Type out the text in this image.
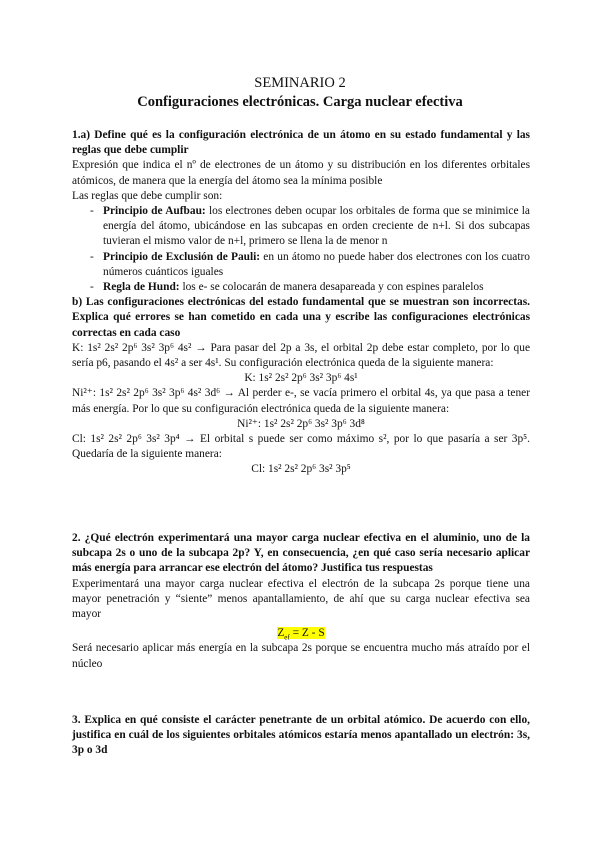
SEMINARIO 2
Configuraciones electrónicas. Carga nuclear efectiva
1.a) Define qué es la configuración electrónica de un átomo en su estado fundamental y las reglas que debe cumplir
Expresión que indica el nº de electrones de un átomo y su distribución en los diferentes orbitales atómicos, de manera que la energía del átomo sea la mínima posible
Las reglas que debe cumplir son:
- Principio de Aufbau: los electrones deben ocupar los orbitales de forma que se minimice la energía del átomo, ubicándose en las subcapas en orden creciente de n+l. Si dos subcapas tuvieran el mismo valor de n+l, primero se llena la de menor n
- Principio de Exclusión de Pauli: en un átomo no puede haber dos electrones con los cuatro números cuánticos iguales
- Regla de Hund: los e- se colocarán de manera desapareada y con espines paralelos
b) Las configuraciones electrónicas del estado fundamental que se muestran son incorrectas. Explica qué errores se han cometido en cada una y escribe las configuraciones electrónicas correctas en cada caso
K: 1s² 2s² 2p⁶ 3s² 3p⁶ 4s² → Para pasar del 2p a 3s, el orbital 2p debe estar completo, por lo que sería p6, pasando el 4s² a ser 4s¹. Su configuración electrónica queda de la siguiente manera:
K: 1s² 2s² 2p⁶ 3s² 3p⁶ 4s¹
Ni²⁺: 1s² 2s² 2p⁶ 3s² 3p⁶ 4s² 3d⁶ → Al perder e-, se vacía primero el orbital 4s, ya que pasa a tener más energía. Por lo que su configuración electrónica queda de la siguiente manera:
Ni²⁺: 1s² 2s² 2p⁶ 3s² 3p⁶ 3d⁸
Cl: 1s² 2s² 2p⁶ 3s² 3p⁴ → El orbital s puede ser como máximo s², por lo que pasaría a ser 3p⁵. Quedaría de la siguiente manera:
Cl: 1s² 2s² 2p⁶ 3s² 3p⁵
2. ¿Qué electrón experimentará una mayor carga nuclear efectiva en el aluminio, uno de la subcapa 2s o uno de la subcapa 2p? Y, en consecuencia, ¿en qué caso sería necesario aplicar más energía para arrancar ese electrón del átomo? Justifica tus respuestas
Experimentará una mayor carga nuclear efectiva el electrón de la subcapa 2s porque tiene una mayor penetración y “siente” menos apantallamiento, de ahí que su carga nuclear efectiva sea mayor
$Z_{ef} = Z - S$
Será necesario aplicar más energía en la subcapa 2s porque se encuentra mucho más atraído por el núcleo
3. Explica en qué consiste el carácter penetrante de un orbital atómico. De acuerdo con ello, justifica en cuál de los siguientes orbitales atómicos estaría menos apantallado un electrón: 3s, 3p o 3d
